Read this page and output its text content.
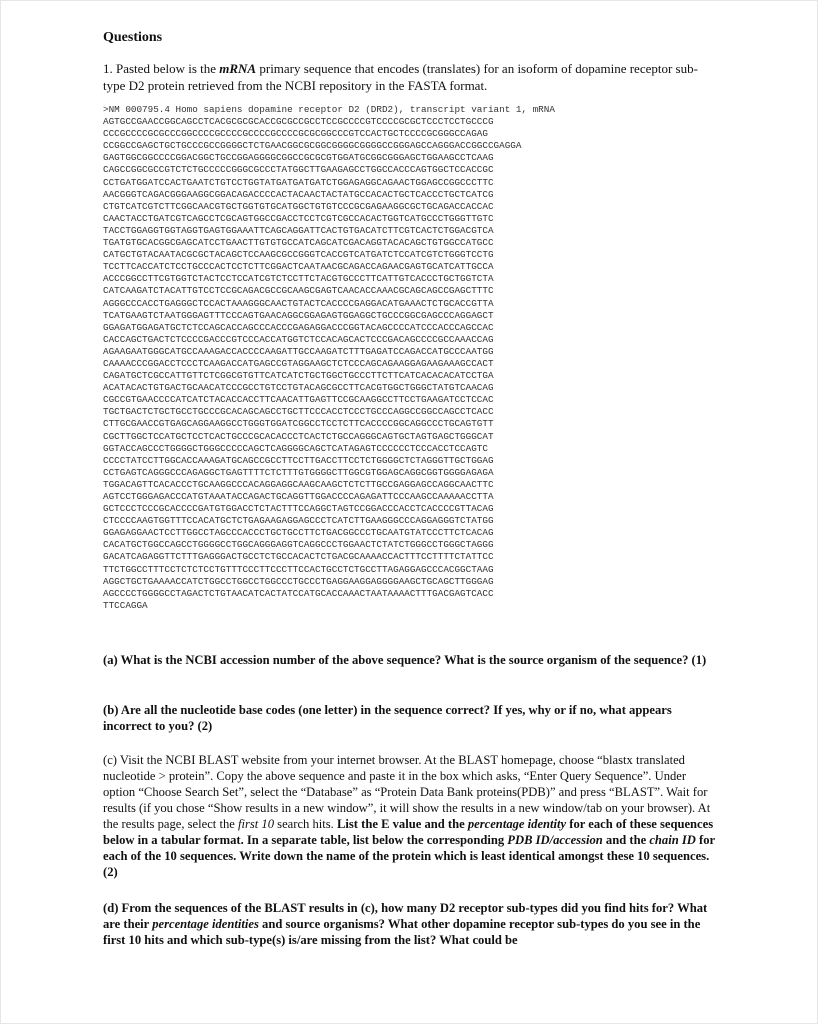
Questions

1. Pasted below is the mRNA primary sequence that encodes (translates) for an isoform of dopamine receptor sub-type D2 protein retrieved from the NCBI repository in the FASTA format.

>NM 000795.4 Homo sapiens dopamine receptor D2 (DRD2), transcript variant 1, mRNA
AGTGCCGAACCGGCAGCCTCACGCGCGCACCGCGCCGCCTCCGCCCCGTCCCCGCGCTCCCTCCTGCCCG
CCCGCCCCGCGCCCGGCCCCGCCCCGCCCCGCCCCGCGCGGCCCGTCCACTGCTCCCCGCGGGCCAGAG
CCGGCCGAGCTGCTGCCCGCCGGGGCTCTGAACGGCGCGGCGGGGCGGGGCCGGGAGCCAGGGACCGGCCGAGGA
GAGTGGCGGCCCCGGACGGCTGCCGGAGGGGCGGCCGCGCGTGGATGCGGCGGGAGCTGGAAGCCTCAAG
CAGCCGGCGCCGTCTCTGCCCCCGGGCGCCCTATGGCTTGAAGAGCCTGGCCACCCAGTGGCTCCACCGC
CCTGATGGATCCACTGAATCTGTCCTGGTATGATGATGATCTGGAGAGGCAGAACTGGAGCCGGCCCTTC
AACGGGTCAGACGGGAAGGCGGACAGACCCCACTACAACTACTATGCCACACTGCTCACCCTGCTCATCG
CTGTCATCGTCTTCGGCAACGTGCTGGTGTGCATGGCTGTGTCCCGCGAGAAGGCGCTGCAGACCACCAC
CAACTACCTGATCGTCAGCCTCGCAGTGGCCGACCTCCTCGTCGCCACACTGGTCATGCCCTGGGTTGTC
TACCTGGAGGTGGTAGGTGAGTGGAAATTCAGCAGGATTCACTGTGACATCTTCGTCACTCTGGACGTCA
TGATGTGCACGGCGAGCATCCTGAACTTGTGTGCCATCAGCATCGACAGGTACACAGCTGTGGCCATGCC
CATGCTGTACAATACGCGCTACAGCTCCAAGCGCCGGGTCACCGTCATGATCTCCATCGTCTGGGTCCTG
TCCTTCACCATCTCCTGCCCACTCCTCTTCGGACTCAATAACGCAGACCAGAACGAGTGCATCATTGCCA
ACCCGGCCTTCGTGGTCTACTCCTCCATCGTCTCCTTCTACGTGCCCTTCATTGTCACCCTGCTGGTCTA
CATCAAGATCTACATTGTCCTCCGCAGACGCCGCAAGCGAGTCAACACCAAACGCAGCAGCCGAGCTTTC
AGGGCCCACCTGAGGGCTCCACTAAAGGGCAACTGTACTCACCCCGAGGACATGAAACTCTGCACCGTTA
TCATGAAGTCTAATGGGAGTTTCCCAGTGAACAGGCGGAGAGTGGAGGCTGCCCGGCGAGCCCAGGAGCT
GGAGATGGAGATGCTCTCCAGCACCAGCCCACCCGAGAGGACCCGGTACAGCCCCATCCCACCCAGCCAC
CACCAGCTGACTCTCCCCGACCCGTCCCACCATGGTCTCCACAGCACTCCCGACAGCCCCGCCAAACCAG
AGAAGAATGGGCATGCCAAAGACCACCCCAAGATTGCCAAGATCTTTGAGATCCAGACCATGCCCAATGG
CAAAACCCGGACCTCCCTCAAGACCATGAGCCGTAGGAAGCTCTCCCAGCAGAAGGAGAAGAAAGCCACT
CAGATGCTCGCCATTGTTCTCGGCGTGTTCATCATCTGCTGGCTGCCCTTCTTCATCACACACATCCTGA
ACATACACTGTGACTGCAACATCCCGCCTGTCCTGTACAGCGCCTTCACGTGGCTGGGCTATGTCAACAG
CGCCGTGAACCCCATCATCTACACCACCTTCAACATTGAGTTCCGCAAGGCCTTCCTGAAGATCCTCCAC
TGCTGACTCTGCTGCCTGCCCGCACAGCAGCCTGCTTCCCACCTCCCTGCCCAGGCCGGCCAGCCTCACC
CTTGCGAACCGTGAGCAGGAAGGCCTGGGTGGATCGGCCTCCTCTTCACCCCGGCAGGCCCTGCAGTGTT
CGCTTGGCTCCATGCTCCTCACTGCCCGCACACCCTCACTCTGCCAGGGCAGTGCTAGTGAGCTGGGCAT
GGTACCAGCCCTGGGGCTGGGCCCCCAGCTCAGGGGCAGCTCATAGAGTCCCCCCTCCCACCTCCAGTC
CCCCTATCCTTGGCACCAAAGATGCAGCCGCCTTCCTTGACCTTCCTCTGGGGCTCTAGGGTTGCTGGAG
CCTGAGTCAGGGCCCAGAGGCTGAGTTTTCTCTTTGTGGGGCTTGGCGTGGAGCAGGCGGTGGGGAGAGA
TGGACAGTTCACACCCTGCAAGGCCCACAGGAGGCAAGCAAGCTCTCTTGCCGAGGAGCCAGGCAACTTC
AGTCCTGGGAGACCCATGTAAATACCAGACTGCAGGTTGGACCCCAGAGATTCCCAAGCCAAAAACCTTA
GCTCCCTCCCGCACCCCGATGTGGACCTCTACTTTCCAGGCTAGTCCGGACCCACCTCACCCCGTTACAG
CTCCCCAAGTGGTTTCCACATGCTCTGAGAAGAGGAGCCCTCATCTTGAAGGGCCCAGGAGGGTCTATGG
GGAGAGGAACTCCTTGGCCTAGCCCACCCTGCTGCCTTCTGACGGCCCTGCAATGTATCCCTTCTCACAG
CACATGCTGGCCAGCCTGGGGCCTGGCAGGGAGGTCAGGCCCTGGAACTCTATCTGGGCCTGGGCTAGGG
GACATCAGAGGTTCTTTGAGGGACTGCCTCTGCCACACTCTGACGCAAAACCACTTTCCTTTTCTATTCC
TTCTGGCCTTTCCTCTCTCCTGTTTCCCTTCCCTTCCACTGCCTCTGCCTTAGAGGAGCCCACGGCTAAG
AGGCTGCTGAAAACCATCTGGCCTGGCCTGGCCCTGCCCTGAGGAAGGAGGGGAAGCTGCAGCTTGGGAG
AGCCCCTGGGGCCTAGACTCTGTAACATCACTATCCATGCACCAAACTAATAAAACTTTGACGAGTCACC
TTCCAGGA

(a) What is the NCBI accession number of the above sequence? What is the source organism of the sequence? (1)

(b) Are all the nucleotide base codes (one letter) in the sequence correct? If yes, why or if no, what appears incorrect to you? (2)

(c) Visit the NCBI BLAST website from your internet browser. At the BLAST homepage, choose “blastx translated nucleotide > protein”. Copy the above sequence and paste it in the box which asks, “Enter Query Sequence”. Under option “Choose Search Set”, select the “Database” as “Protein Data Bank proteins(PDB)” and press “BLAST”. Wait for results (if you chose “Show results in a new window”, it will show the results in a new window/tab on your browser). At the results page, select the first 10 search hits. List the E value and the percentage identity for each of these sequences below in a tabular format. In a separate table, list below the corresponding PDB ID/accession and the chain ID for each of the 10 sequences. Write down the name of the protein which is least identical amongst these 10 sequences. (2)

(d) From the sequences of the BLAST results in (c), how many D2 receptor sub-types did you find hits for? What are their percentage identities and source organisms? What other dopamine receptor sub-types do you see in the first 10 hits and which sub-type(s) is/are missing from the list? What could be
